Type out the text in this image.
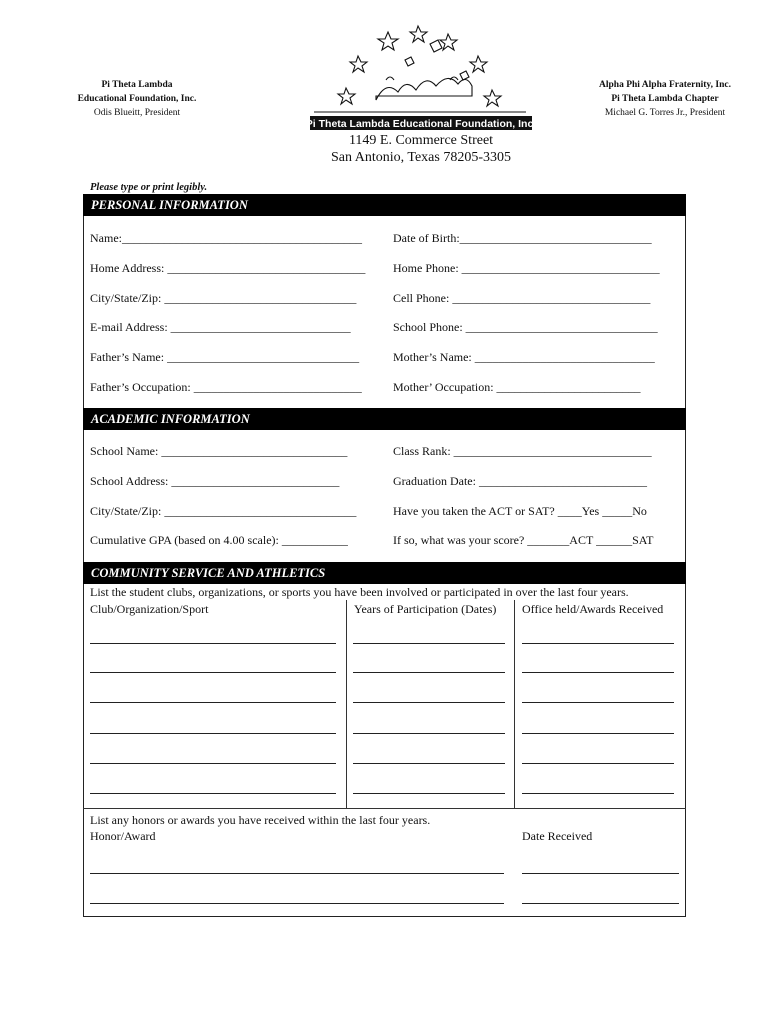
Pi Theta Lambda
Educational Foundation, Inc.
Odis Blueitt, President
Pi Theta Lambda Educational Foundation, Inc.
Alpha Phi Alpha Fraternity, Inc.
Pi Theta Lambda Chapter
Michael G. Torres Jr., President
1149 E. Commerce Street
San Antonio, Texas 78205-3305
Please type or print legibly.
PERSONAL INFORMATION
Name:________________________________________	Date of Birth:________________________________
Home Address: _________________________________ Home Phone: _________________________________
City/State/Zip: ________________________________	Cell Phone: _________________________________
E-mail Address: ______________________________	School Phone: ________________________________
Father’s Name: ________________________________	Mother’s Name: ______________________________
Father’s Occupation: ____________________________	Mother’ Occupation: ________________________
ACADEMIC INFORMATION
School Name: _______________________________	Class Rank: _________________________________
School Address: ____________________________	Graduation Date: ____________________________
City/State/Zip: ________________________________	Have you taken the ACT or SAT? ____Yes _____No
Cumulative GPA (based on 4.00 scale): ___________	If so, what was your score? _______ACT ______SAT
COMMUNITY SERVICE AND ATHLETICS
List the student clubs, organizations, or sports you have been involved or participated in over the last four years.
Club/Organization/Sport	Years of Participation (Dates) Office held/Awards Received
List any honors or awards you have received within the last four years.
Honor/Award	Date Received
